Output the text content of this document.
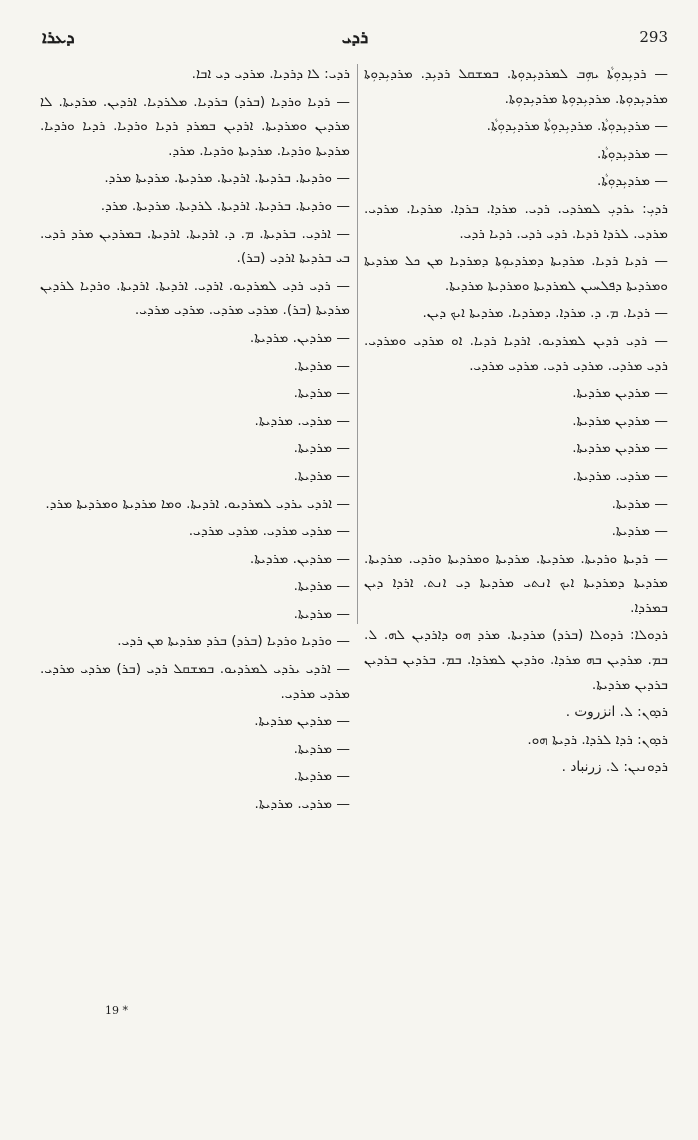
ܕܥܪܐ	ܪܕܝ	293

— ܪܕܝܼܕܘܼܬܵܐ ܝܗܼܒ ܠܡܪܕܝܼܕܘܼܬܐ. ܒܡܫܩܠ ܪܕܝܼܕ. ܡܪܕܝܼܕܘܼܬܐ ܡܪܕܝܼܕܘܼܬܐ. ܡܪܕܝܼܕܘܼܬܐ ܡܪܕܝܼܕܘܼܬܐ.

— ܡܪܕܝܼܕܘܼܬܵܐ. ܡܪܕܝܼܕܘܼܬܵܐ ܡܪܕܝܼܕܘܼܬܵܐ.

— ܡܪܕܝܼܕܘܼܬܵܐ.

— ܡܪܕܝܼܕܘܼܬܵܐ.

ܪܕܝܼ: ܝܪܕܝܼ ܠܡܪܕܝ. ܪܕܝ. ܡܪܕܐ. ܒܪܕܐ. ܡܪܕܝܐ. ܡܪܕܝ. ܡܪܕܝ. ܠܪܕܐ ܪܕܝܐ. ܪܕܝ ܪܕܝ. ܪܕܝܐ ܪܕܝ.

— ܪܕܝܐ ܪܕܝܐ. ܡܪܕܝܬܐ ܕܡܪܕܝܘܼܬܐ ܕܡܪܕܝܐ ܡܢ ܟܠ ܡܪܕܝܬܐ ܘܡܪܕܝܬܐ ܕܦܠܚܝܢ ܠܡܪܕܝܬܐ ܘܡܪܕܝܬܐ ܡܪܕܝܬܐ.

— ܪܕܝܐ. ܡ. ܕ. ܡܪܕܐ. ܕܡܪܕܝܐ. ܡܪܕܝܬܐ ܐܝܟ ܕܝܢ.

— ܪܕܝ ܪܕܝܢ ܠܡܪܕܝܘ. ܐܪܕܝܐ ܪܕܝܐ. ܐܘ ܡܪܕܝ ܘܡܪܕܝ. ܪܕܝ ܡܪܕܝ. ܡܪܕܝ ܪܕܝ. ܡܪܕܝ ܡܪܕܝ.

— ܡܪܕܝܢ ܡܪܕܝܬܐ.

— ܡܪܕܝܢ ܡܪܕܝܬܐ.

— ܡܪܕܝܢ ܡܪܕܝܬܐ.

— ܡܪܕܝ. ܡܪܕܝܬܐ.

— ܡܪܕܝܬܐ.

— ܡܪܕܝܬܐ.

— ܪܕܝܬܐ ܘܪܕܝܬܐ. ܡܪܕܝܬܐ. ܡܪܕܝܬܐ ܘܡܪܕܝܬܐ ܘܪܕܝ. ܡܪܕܝܬܐ. ܡܪܕܝܬܐ ܕܡܪܕܝܬܐ ܐܝܟ ܐܢܬܝ ܡܪܕܝܬܐ ܕܝ ܐܢܬ. ܐܪܕܐ ܕܝܢ ܒܡܪܕܐ.

ܪܕܘܠܐ: ܪܕܘܠܐ (ܒܪܕ) ܡܪܕܝܬܐ. ܡܪܕ ܗܘ ܕܐܪܕܝܢ ܠܗ. ܠ. ܒܡ. ܡܪܕܝܢ ܒܗ ܡܪܕܐ. ܘܪܕܝܢ ܠܡܪܕܐ. ܒܡ. ܒܪܕܝܢ ܒܪܕܝܢ ܒܪܕܝܢ ܡܪܕܝܬܐ.

ܪܕܘܢ: ܠ. انزروت .

ܪܕܘܢ: ܪܕܐ ܠܪܕܐ. ܪܕܝܬܐ ܗܘ.

ܪܕܘܢܝܢ: ܠ. زرنباد .

ܪܕܝ: ܠܐ ܕܪܕܝܐ. ܡܪܕܝ ܕܝ ܐܒܐ.

— ܪܕܝܐ ܘܪܕܝܐ (ܒܪܕ) ܒܪܕܝܐ. ܡܠܪܕܝܐ. ܐܪܕܝܢ. ܡܪܕܝܬܐ. ܠܐ ܡܪܕܝܢ ܘܡܪܕܝܬܐ. ܐܪܕܝܢ ܒܡܪܕ ܪܕܝܐ ܘܪܕܝܐ. ܪܕܝܐ ܘܪܕܝܐ. ܡܪܕܝܬܐ ܘܪܕܝܐ. ܡܪܕܝܬܐ ܘܪܕܝܐ. ܡܪܕ.

— ܘܪܕܝܬܐ. ܒܪܕܝܬܐ. ܐܪܕܝܬܐ. ܡܪܕܝܬܐ. ܡܪܕܝܬܐ ܡܪܕ.

— ܘܪܕܝܬܐ. ܒܪܕܝܬܐ. ܐܪܕܝܬܐ. ܠܪܕܝܬܐ. ܡܪܕܝܬܐ. ܡܪܕ.

— ܐܪܕܝ. ܒܪܕܝܬܐ. ܡ. ܕ. ܐܪܕܝܬܐ. ܐܪܕܝܬܐ. ܒܡܪܕܝܢ ܡܪܕ ܪܕܝ. ܒܝ ܒܪܕܝܬܐ ܐܪܕܝ (ܒܪ).

— ܪܕܝ ܪܕܝ ܠܡܪܕܝܘ. ܐܪܕܝ. ܐܪܕܝܬܐ. ܐܪܕܝܬܐ. ܘܪܕܝܐ ܠܪܕܝܢ ܡܪܕܝܬܐ (ܒܪ). ܡܪܕܝ ܡܪܕܝ. ܡܪܕܝ ܡܪܕܝ.

— ܡܪܕܝܢ. ܡܪܕܝܬܐ.

— ܡܪܕܝܬܐ.

— ܡܪܕܝܬܐ.

— ܡܪܕܝ. ܡܪܕܝܬܐ.

— ܡܪܕܝܬܐ.

— ܡܪܕܝܬܐ.

— ܐܪܕܝ ܝܪܕܝ ܠܡܪܕܝܘ. ܐܪܕܝܬܐ. ܘܡܐ ܡܪܕܝܬܐ ܘܡܪܕܝܬܐ ܡܪܕ.

— ܡܪܕܝ ܡܪܕܝ. ܡܪܕܝ ܡܪܕܝ.

— ܡܪܕܝܢ. ܡܪܕܝܬܐ.

— ܡܪܕܝܬܐ.

— ܡܪܕܝܬܐ.

— ܘܪܕܝܐ ܘܪܕܝܐ (ܒܪܕ) ܒܪܕ ܡܪܕܝܬܐ ܡܢ ܪܕܝ.

— ܐܪܕܝ ܝܪܕܝ ܠܡܪܕܝܘ. ܒܡܫܩܠ ܪܕܝ (ܒܪ) ܡܪܕܝ ܡܪܕܝ. ܡܪܕܝ ܡܪܕܝ.

— ܡܪܕܝܢ ܡܪܕܝܬܐ.

— ܡܪܕܝܬܐ.

— ܡܪܕܝܬܐ.

— ܡܪܕܝ. ܡܪܕܝܬܐ.

19 *
